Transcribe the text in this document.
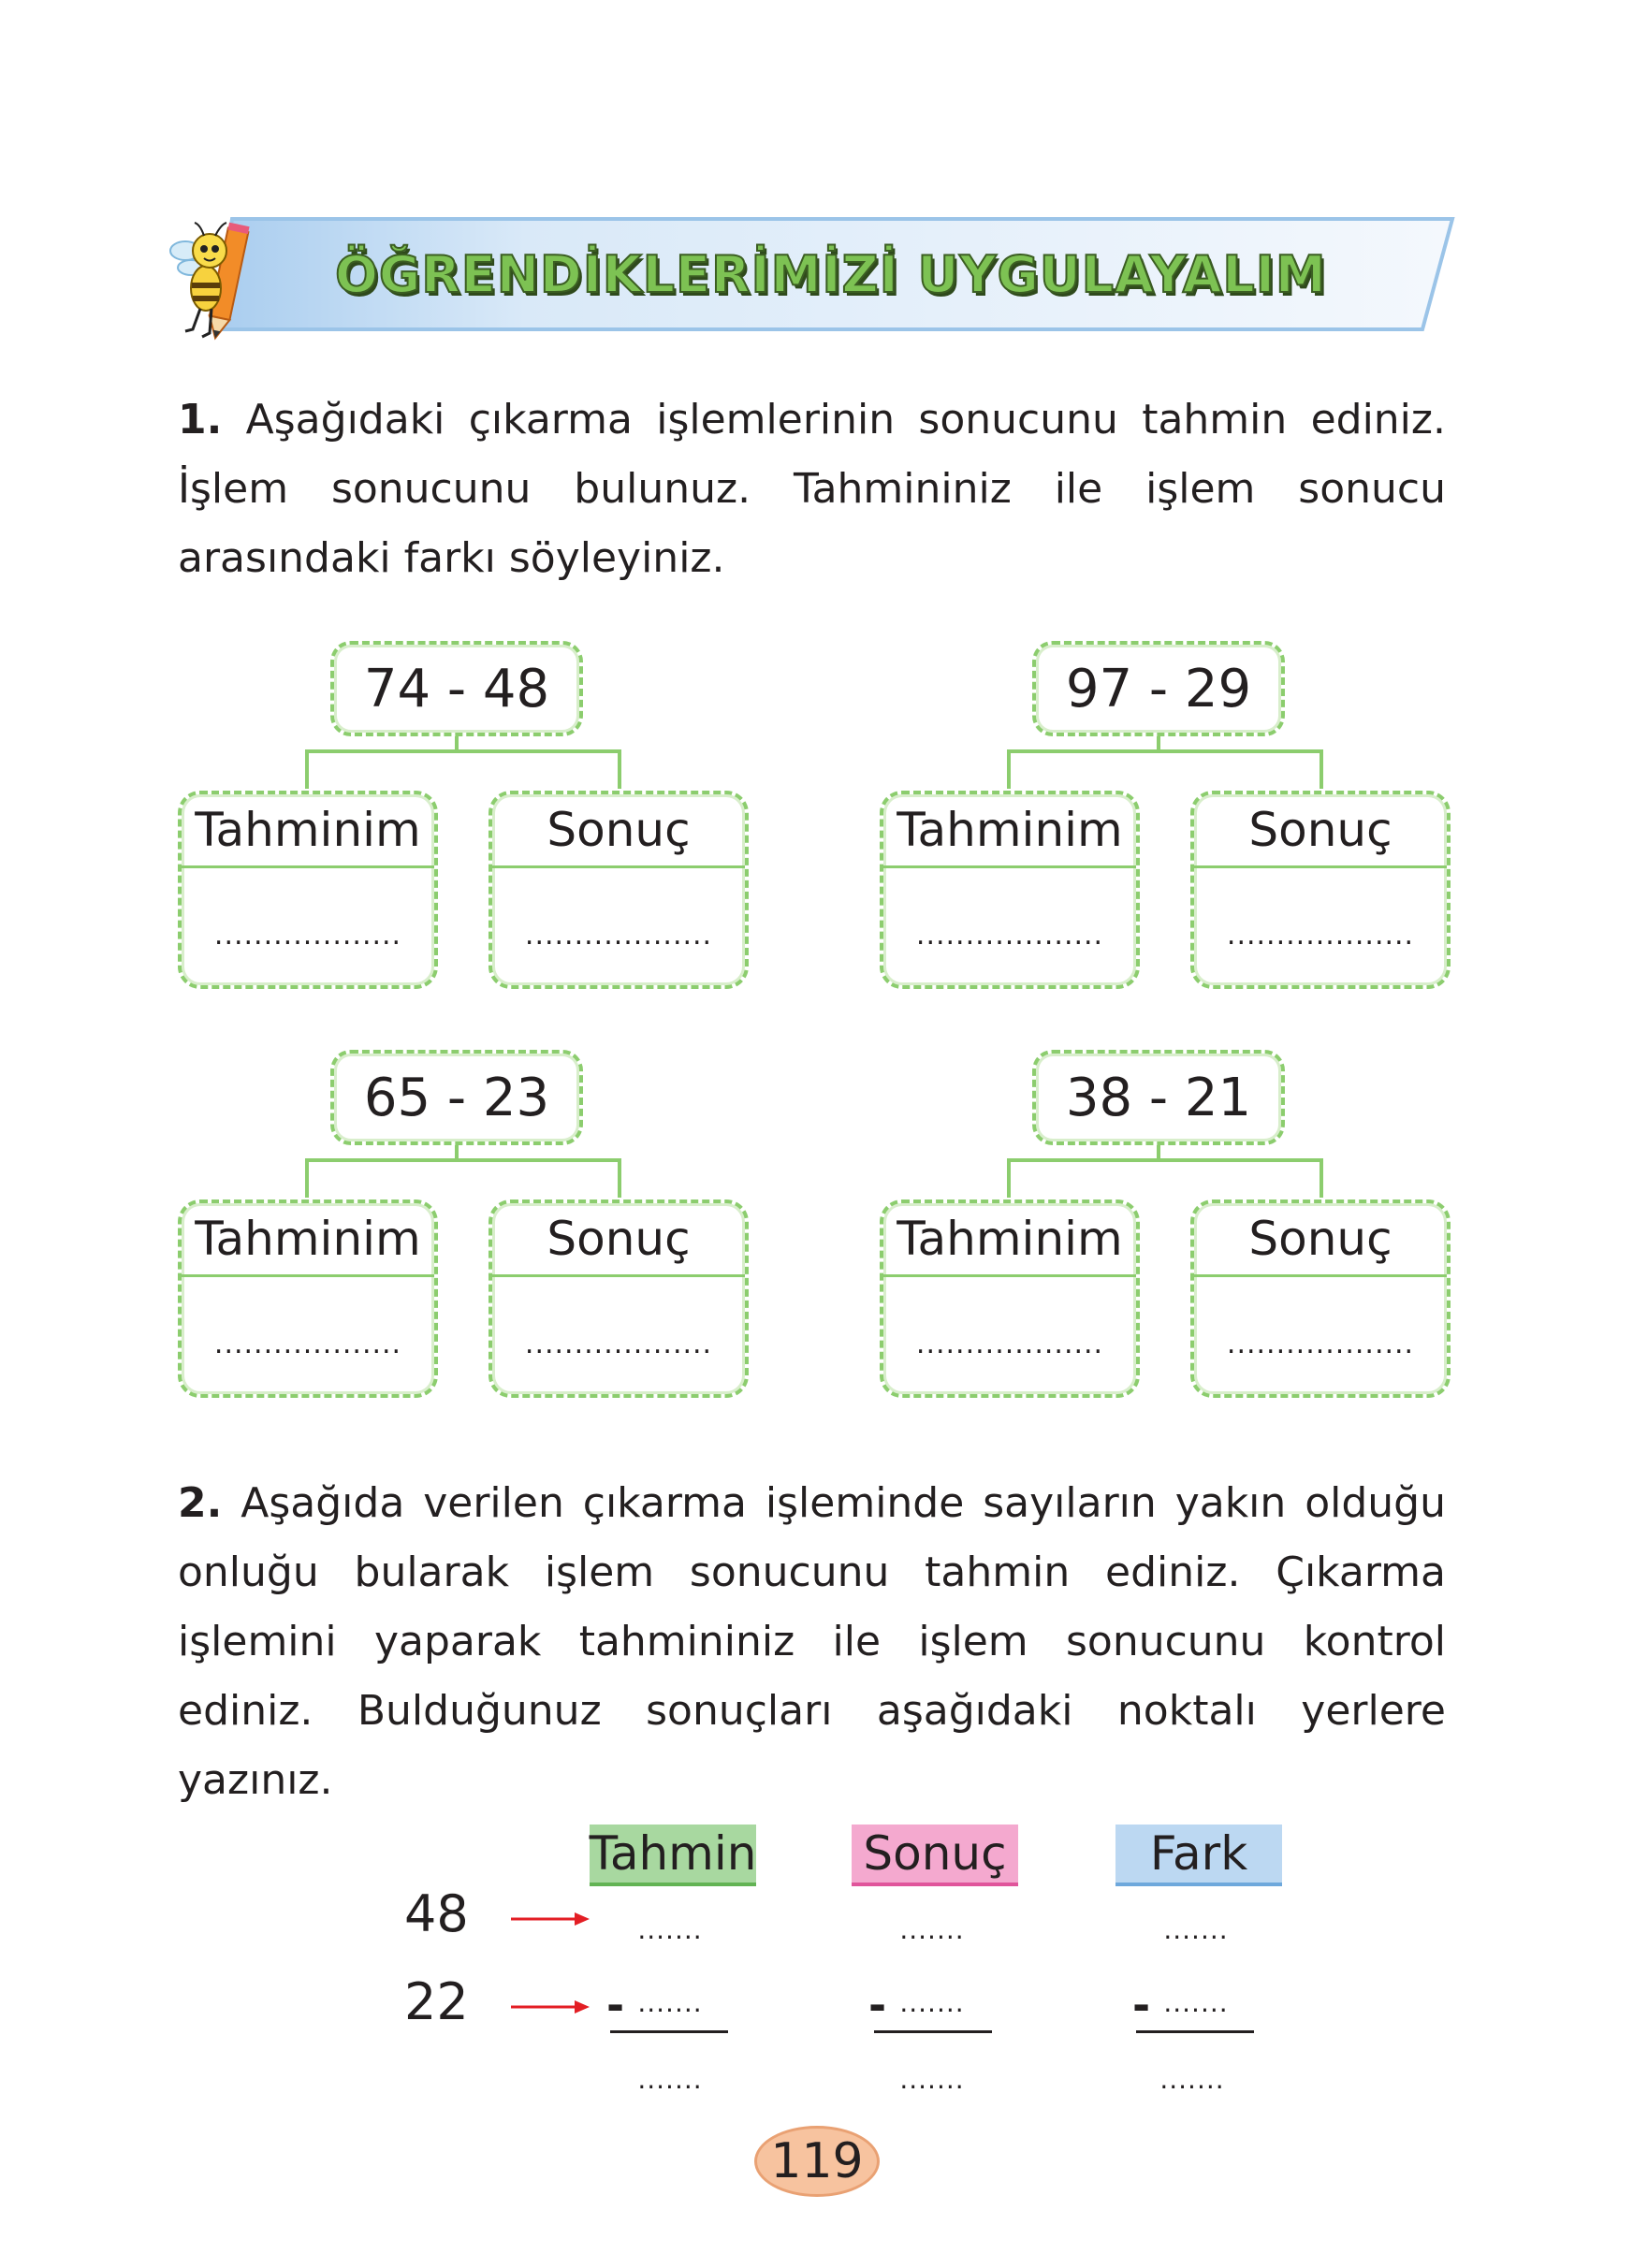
ÖĞRENDİKLERİMİZİ UYGULAYALIM
1. Aşağıdaki çıkarma işlemlerinin sonucunu tahmin ediniz. İşlem sonucunu bulunuz. Tahmininiz ile işlem sonucu arasındaki farkı söyleyiniz.
74 - 48
Tahminim
...................
Sonuç
...................
97 - 29
Tahminim
...................
Sonuç
...................
65 - 23
Tahminim
...................
Sonuç
...................
38 - 21
Tahminim
...................
Sonuç
...................
2. Aşağıda verilen çıkarma işleminde sayıların yakın olduğu onluğu bularak işlem sonucunu tahmin ediniz. Çıkarma işlemini yaparak tahmininiz ile işlem sonucunu kontrol ediniz. Bulduğunuz sonuçları aşağıdaki noktalı yerlere yazınız.
Tahmin Sonuç	Fark
48
22
.......
- .......
.......
.......
- .......
.......
.......
- .......
.......
119
